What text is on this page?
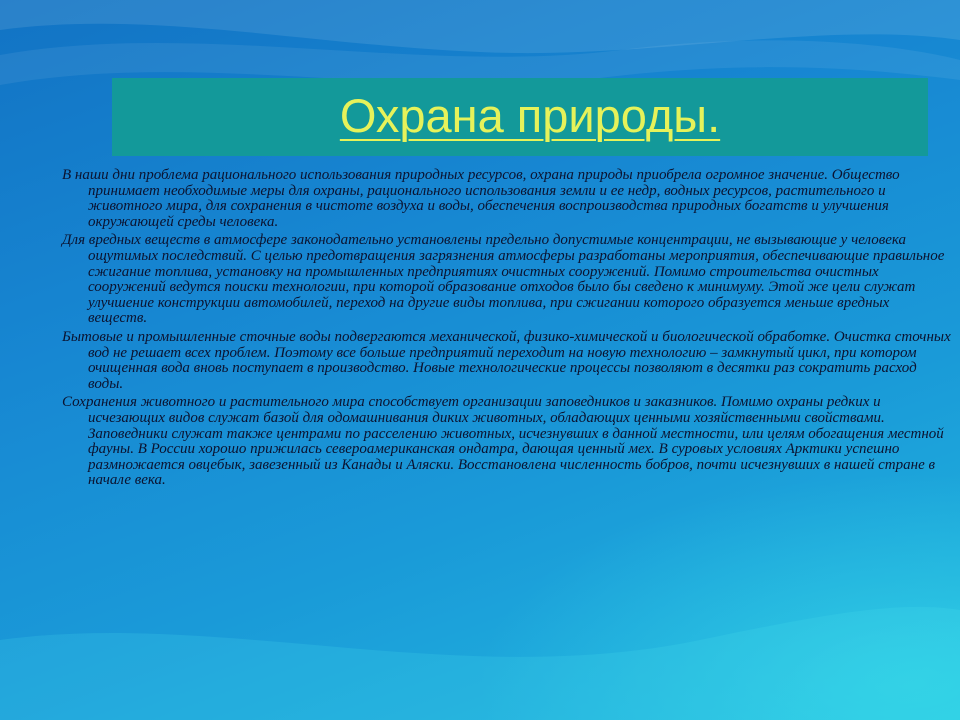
Охрана природы.

В наши дни проблема рационального использования природных ресурсов, охрана природы приобрела огромное значение. Общество принимает необходимые меры для охраны, рационального использования земли и ее недр, водных ресурсов, растительного и животного мира, для сохранения в чистоте воздуха и воды, обеспечения воспроизводства природных богатств и улучшения окружающей среды человека.

Для вредных веществ в атмосфере законодательно установлены предельно допустимые концентрации, не вызывающие у человека ощутимых последствий. С целью предотвращения загрязнения атмосферы разработаны мероприятия, обеспечивающие правильное сжигание топлива, установку на промышленных предприятиях очистных сооружений. Помимо строительства очистных сооружений ведутся поиски технологии, при которой образование отходов было бы сведено к минимуму. Этой же цели служат улучшение конструкции автомобилей, переход на другие виды топлива, при сжигании которого образуется меньше вредных веществ.

Бытовые и промышленные сточные воды подвергаются механической, физико-химической и биологической обработке. Очистка сточных вод не решает всех проблем. Поэтому все больше предприятий переходит на новую технологию – замкнутый цикл, при котором очищенная вода вновь поступает в производство. Новые технологические процессы позволяют в десятки раз сократить расход воды.

Сохранения животного и растительного мира способствует организации заповедников и заказников. Помимо охраны редких и исчезающих видов служат базой для одомашнивания диких животных, обладающих ценными хозяйственными свойствами. Заповедники служат также центрами по расселению животных, исчезнувших в данной местности, или целям обогащения местной фауны. В России хорошо прижилась североамериканская ондатра, дающая ценный мех. В суровых условиях Арктики успешно размножается овцебык, завезенный из Канады и Аляски. Восстановлена численность бобров, почти исчезнувших в нашей стране в начале века.
